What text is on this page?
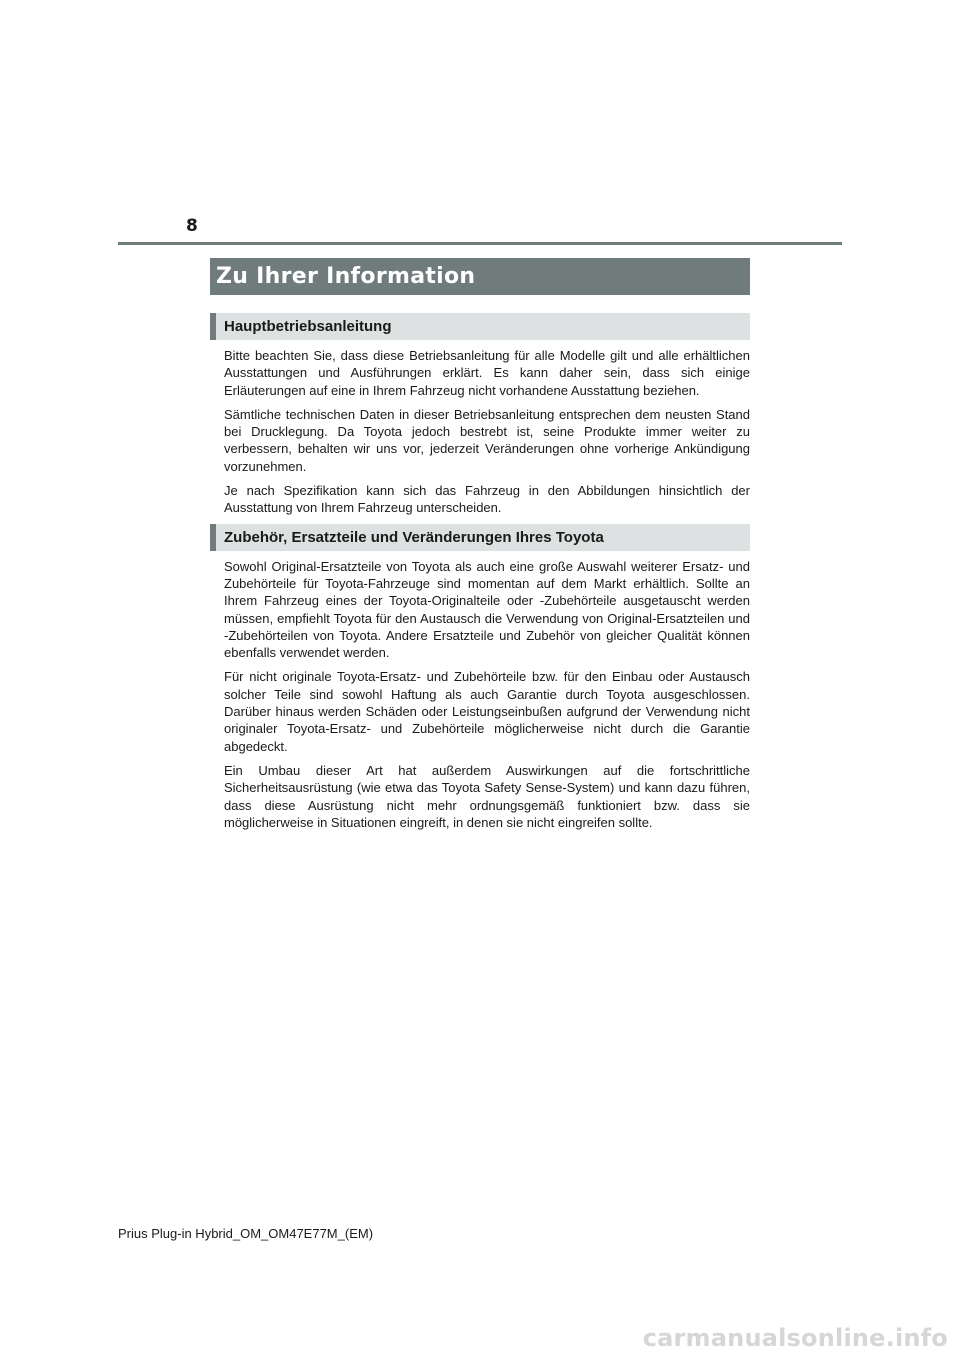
8
Zu Ihrer Information
Hauptbetriebsanleitung

Bitte beachten Sie, dass diese Betriebsanleitung für alle Modelle gilt und alle erhältlichen Ausstattungen und Ausführungen erklärt. Es kann daher sein, dass sich einige Erläuterungen auf eine in Ihrem Fahrzeug nicht vorhandene Ausstattung beziehen.

Sämtliche technischen Daten in dieser Betriebsanleitung entsprechen dem neusten Stand bei Drucklegung. Da Toyota jedoch bestrebt ist, seine Produkte immer weiter zu verbessern, behalten wir uns vor, jederzeit Veränderungen ohne vorherige Ankündigung vorzunehmen.

Je nach Spezifikation kann sich das Fahrzeug in den Abbildungen hinsichtlich der Ausstattung von Ihrem Fahrzeug unterscheiden.

Zubehör, Ersatzteile und Veränderungen Ihres Toyota

Sowohl Original-Ersatzteile von Toyota als auch eine große Auswahl weiterer Ersatz- und Zubehörteile für Toyota-Fahrzeuge sind momentan auf dem Markt erhältlich. Sollte an Ihrem Fahrzeug eines der Toyota-Originalteile oder -Zubehörteile ausgetauscht werden müssen, empfiehlt Toyota für den Austausch die Verwendung von Original-Ersatzteilen und -Zubehörteilen von Toyota. Andere Ersatzteile und Zubehör von gleicher Qualität können ebenfalls verwendet werden.

Für nicht originale Toyota-Ersatz- und Zubehörteile bzw. für den Einbau oder Austausch solcher Teile sind sowohl Haftung als auch Garantie durch Toyota ausgeschlossen. Darüber hinaus werden Schäden oder Leistungseinbußen aufgrund der Verwendung nicht originaler Toyota-Ersatz- und Zubehörteile möglicherweise nicht durch die Garantie abgedeckt.

Ein Umbau dieser Art hat außerdem Auswirkungen auf die fortschrittliche Sicherheitsausrüstung (wie etwa das Toyota Safety Sense-System) und kann dazu führen, dass diese Ausrüstung nicht mehr ordnungsgemäß funktioniert bzw. dass sie möglicherweise in Situationen eingreift, in denen sie nicht eingreifen sollte.

Prius Plug-in Hybrid_OM_OM47E77M_(EM)
carmanualsonline.info
